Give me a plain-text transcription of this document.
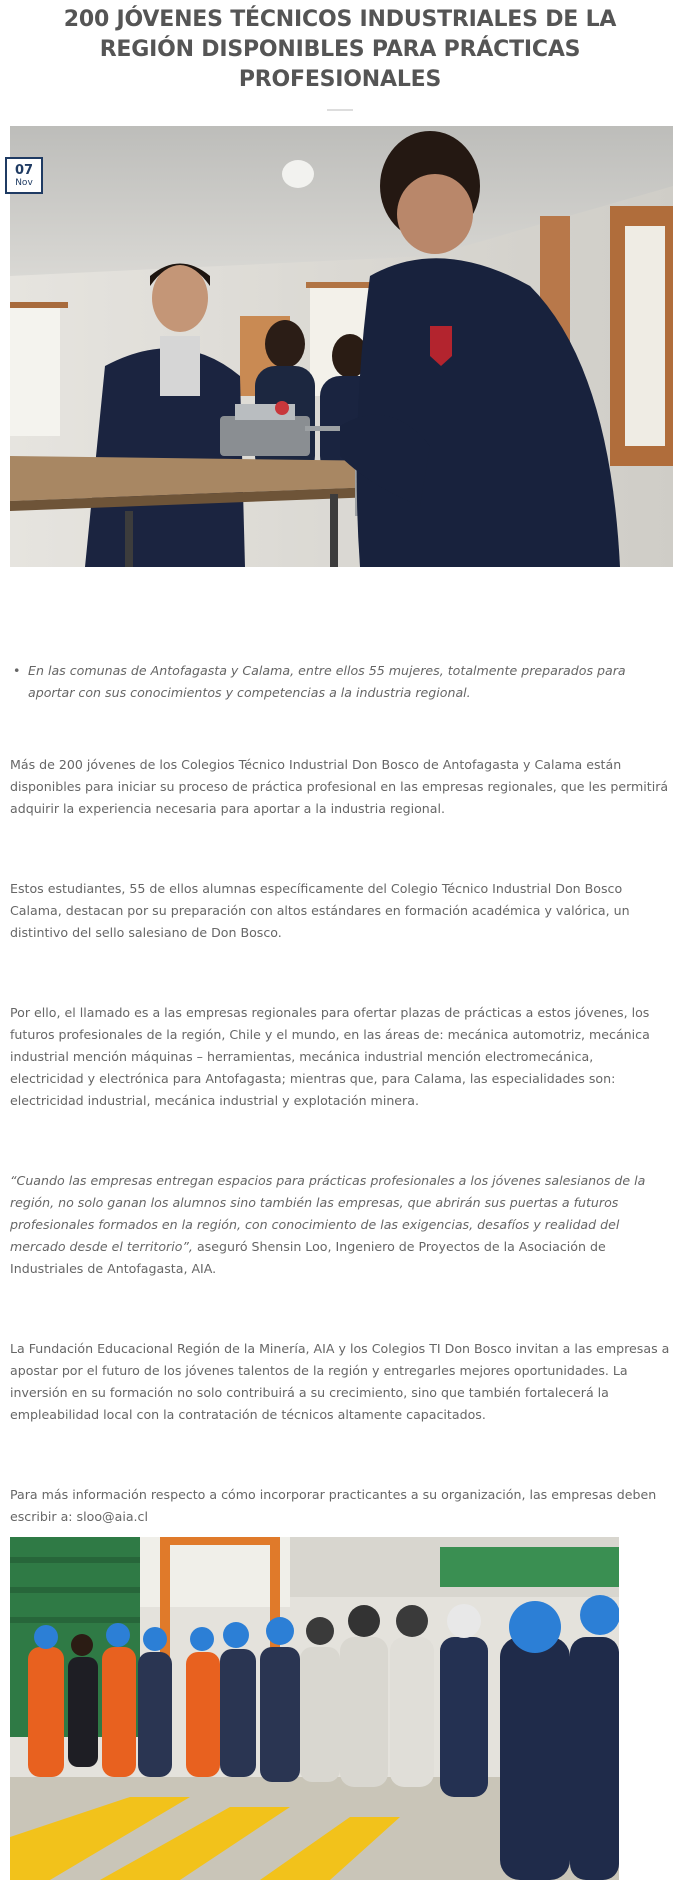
200 JÓVENES TÉCNICOS INDUSTRIALES DE LA REGIÓN DISPONIBLES PARA PRÁCTICAS PROFESIONALES
07
Nov
• En las comunas de Antofagasta y Calama, entre ellos 55 mujeres, totalmente preparados para aportar con sus conocimientos y competencias a la industria regional.

Más de 200 jóvenes de los Colegios Técnico Industrial Don Bosco de Antofagasta y Calama están disponibles para iniciar su proceso de práctica profesional en las empresas regionales, que les permitirá adquirir la experiencia necesaria para aportar a la industria regional.

Estos estudiantes, 55 de ellos alumnas específicamente del Colegio Técnico Industrial Don Bosco Calama, destacan por su preparación con altos estándares en formación académica y valórica, un distintivo del sello salesiano de Don Bosco.

Por ello, el llamado es a las empresas regionales para ofertar plazas de prácticas a estos jóvenes, los futuros profesionales de la región, Chile y el mundo, en las áreas de: mecánica automotriz, mecánica industrial mención máquinas – herramientas, mecánica industrial mención electromecánica, electricidad y electrónica para Antofagasta; mientras que, para Calama, las especialidades son: electricidad industrial, mecánica industrial y explotación minera.

“Cuando las empresas entregan espacios para prácticas profesionales a los jóvenes salesianos de la región, no solo ganan los alumnos sino también las empresas, que abrirán sus puertas a futuros profesionales formados en la región, con conocimiento de las exigencias, desafíos y realidad del mercado desde el territorio”, aseguró Shensin Loo, Ingeniero de Proyectos de la Asociación de Industriales de Antofagasta, AIA.

La Fundación Educacional Región de la Minería, AIA y los Colegios TI Don Bosco invitan a las empresas a apostar por el futuro de los jóvenes talentos de la región y entregarles mejores oportunidades. La inversión en su formación no solo contribuirá a su crecimiento, sino que también fortalecerá la empleabilidad local con la contratación de técnicos altamente capacitados.

Para más información respecto a cómo incorporar practicantes a su organización, las empresas deben escribir a: sloo@aia.cl
